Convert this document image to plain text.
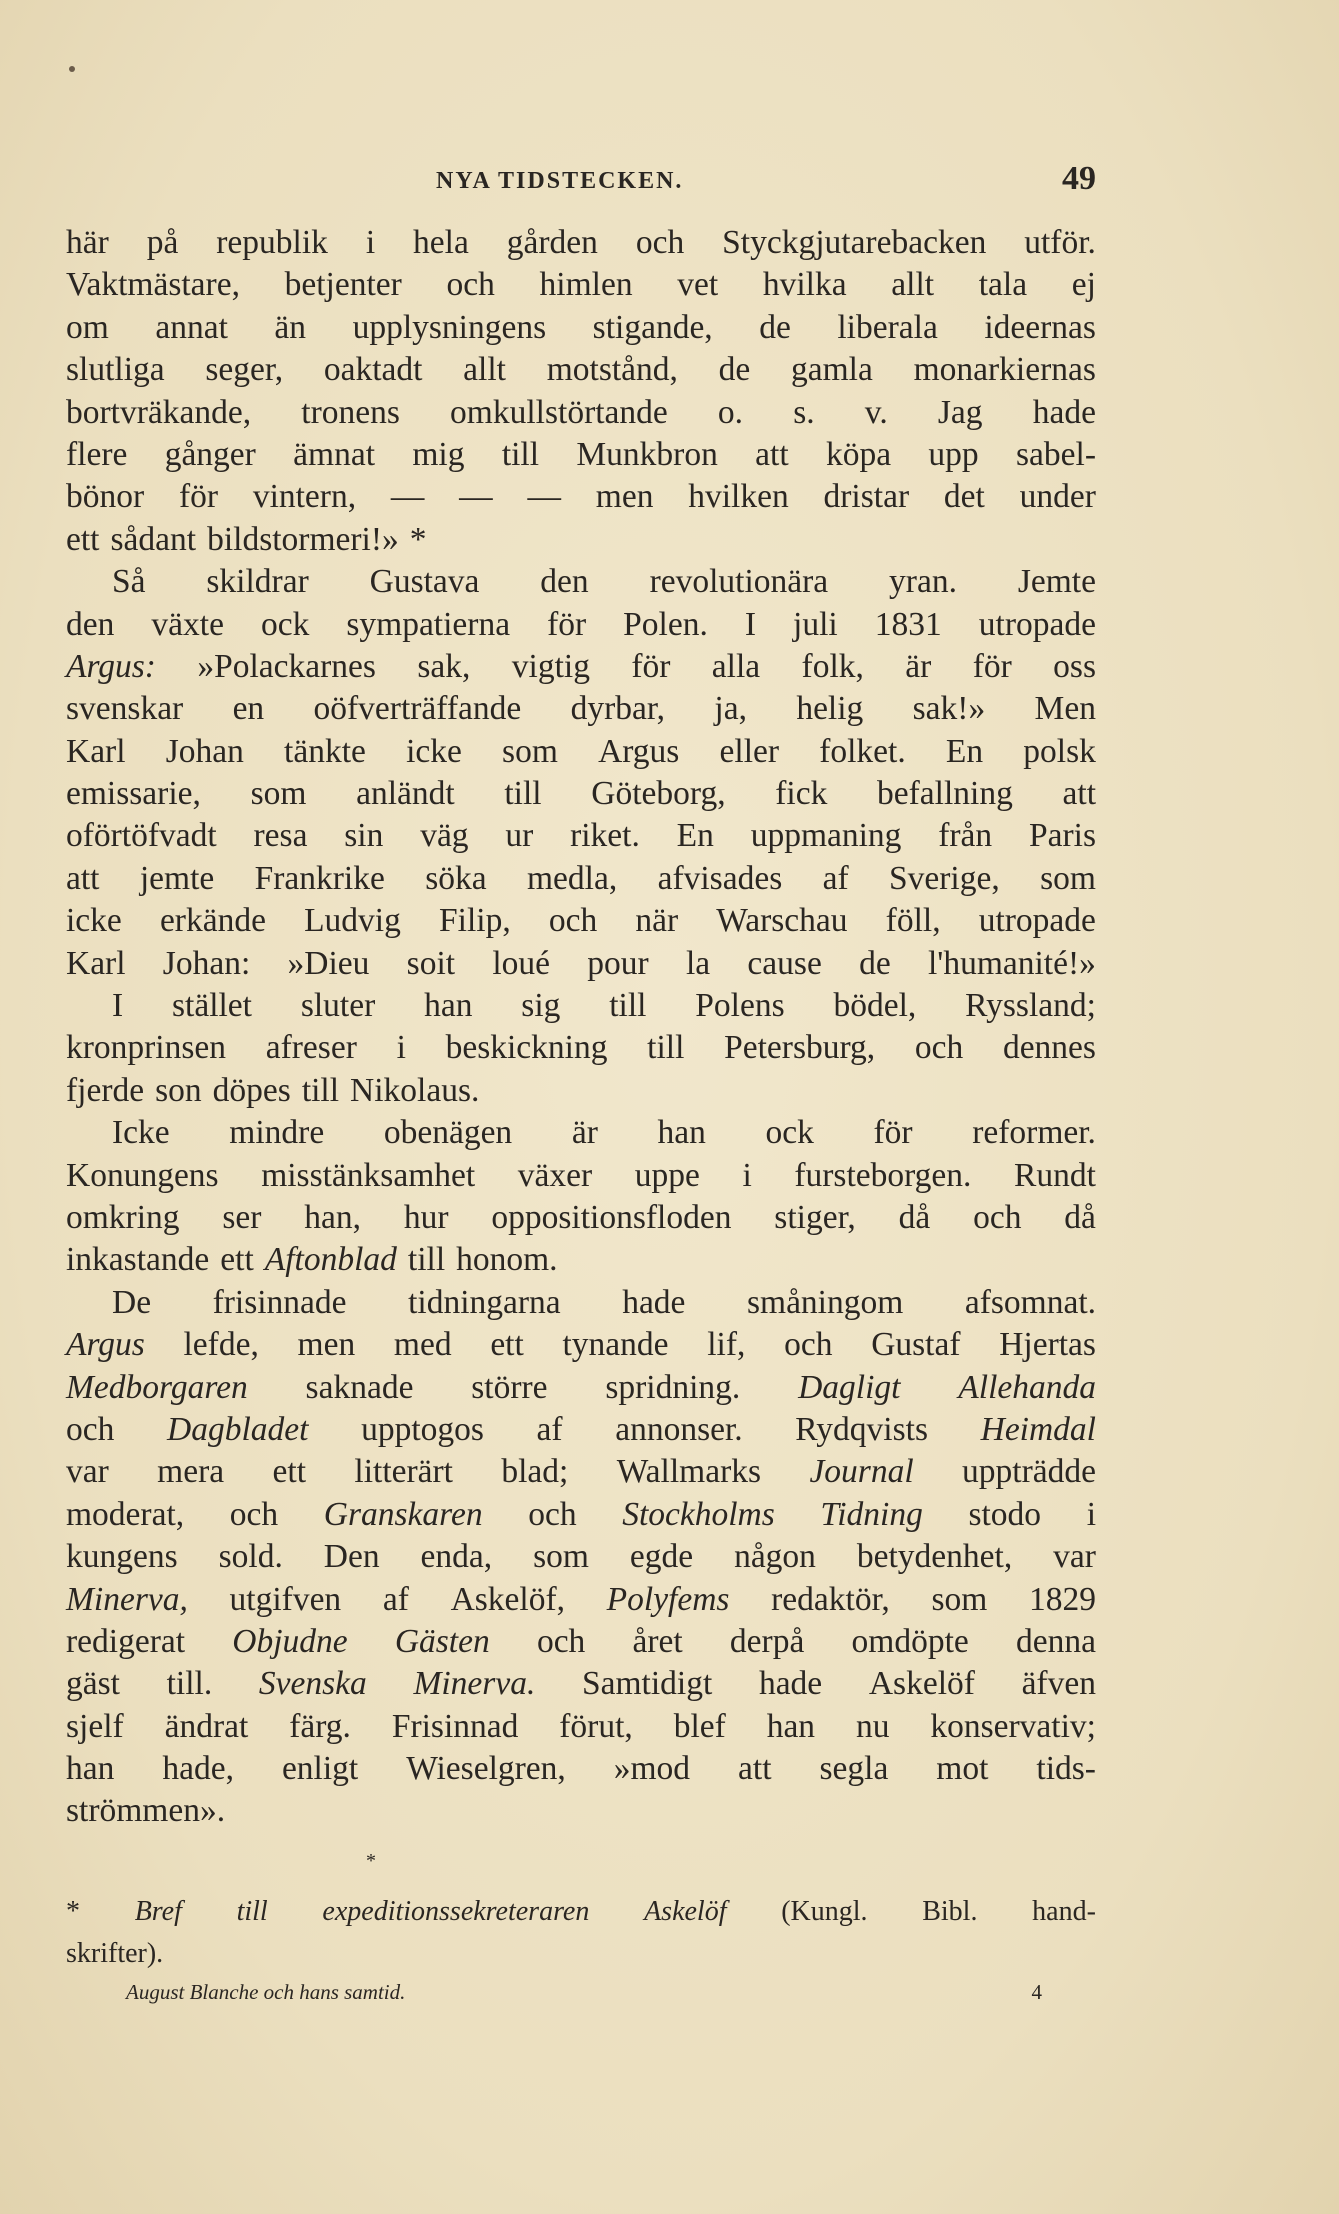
NYA TIDSTECKEN.	49
här på republik i hela gården och Styckgjutarebacken utför.
Vaktmästare, betjenter och himlen vet hvilka allt tala ej
om annat än upplysningens stigande, de liberala ideernas
slutliga seger, oaktadt allt motstånd, de gamla monarkiernas
bortvräkande, tronens omkullstörtande o. s. v. Jag hade
flere gånger ämnat mig till Munkbron att köpa upp sabel-
bönor för vintern, — — — men hvilken dristar det under
ett sådant bildstormeri!» *
Så skildrar Gustava den revolutionära yran. Jemte
den växte ock sympatierna för Polen. I juli 1831 utropade
Argus: »Polackarnes sak, vigtig för alla folk, är för oss
svenskar en oöfverträffande dyrbar, ja, helig sak!» Men
Karl Johan tänkte icke som Argus eller folket. En polsk
emissarie, som anländt till Göteborg, fick befallning att
oförtöfvadt resa sin väg ur riket. En uppmaning från Paris
att jemte Frankrike söka medla, afvisades af Sverige, som
icke erkände Ludvig Filip, och när Warschau föll, utropade
Karl Johan: »Dieu soit loué pour la cause de l'humanité!»
I stället sluter han sig till Polens bödel, Ryssland;
kronprinsen afreser i beskickning till Petersburg, och dennes
fjerde son döpes till Nikolaus.
Icke mindre obenägen är han ock för reformer.
Konungens misstänksamhet växer uppe i fursteborgen. Rundt
omkring ser han, hur oppositionsfloden stiger, då och då
inkastande ett Aftonblad till honom.
De frisinnade tidningarna hade småningom afsomnat.
Argus lefde, men med ett tynande lif, och Gustaf Hjertas
Medborgaren saknade större spridning. Dagligt Allehanda
och Dagbladet upptogos af annonser. Rydqvists Heimdal
var mera ett litterärt blad; Wallmarks Journal uppträdde
moderat, och Granskaren och Stockholms Tidning stodo i
kungens sold. Den enda, som egde någon betydenhet, var
Minerva, utgifven af Askelöf, Polyfems redaktör, som 1829
redigerat Objudne Gästen och året derpå omdöpte denna
gäst till. Svenska Minerva. Samtidigt hade Askelöf äfven
sjelf ändrat färg. Frisinnad förut, blef han nu konservativ;
han hade, enligt Wieselgren, »mod att segla mot tids-
strömmen».
*
* Bref till expeditionssekreteraren Askelöf (Kungl. Bibl. hand-
skrifter).
August Blanche och hans samtid.	4
